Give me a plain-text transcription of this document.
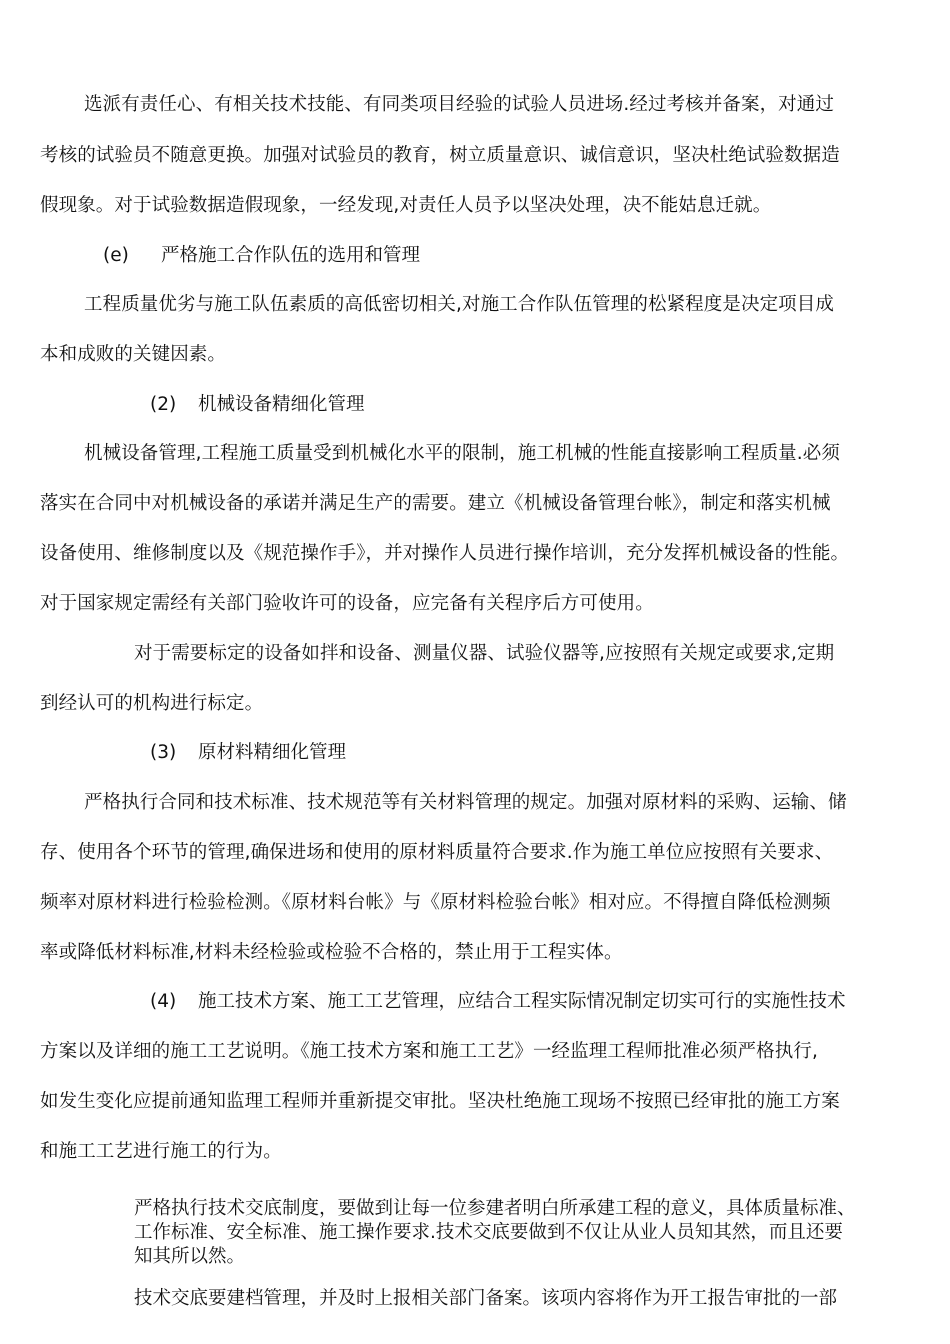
选派有责任心、有相关技术技能、有同类项目经验的试验人员进场.经过考核并备案，对通过
考核的试验员不随意更换。加强对试验员的教育，树立质量意识、诚信意识，坚决杜绝试验数据造
假现象。对于试验数据造假现象，一经发现,对责任人员予以坚决处理，决不能姑息迁就。
(e) 严格施工合作队伍的选用和管理
工程质量优劣与施工队伍素质的高低密切相关,对施工合作队伍管理的松紧程度是决定项目成
本和成败的关键因素。
(2) 机械设备精细化管理
机械设备管理,工程施工质量受到机械化水平的限制，施工机械的性能直接影响工程质量.必须
落实在合同中对机械设备的承诺并满足生产的需要。建立《机械设备管理台帐》，制定和落实机械
设备使用、维修制度以及《规范操作手》，并对操作人员进行操作培训，充分发挥机械设备的性能。
对于国家规定需经有关部门验收许可的设备，应完备有关程序后方可使用。
对于需要标定的设备如拌和设备、测量仪器、试验仪器等,应按照有关规定或要求,定期
到经认可的机构进行标定。
(3) 原材料精细化管理
严格执行合同和技术标准、技术规范等有关材料管理的规定。加强对原材料的采购、运输、储
存、使用各个环节的管理,确保进场和使用的原材料质量符合要求.作为施工单位应按照有关要求、
频率对原材料进行检验检测。《原材料台帐》与《原材料检验台帐》相对应。不得擅自降低检测频
率或降低材料标准,材料未经检验或检验不合格的，禁止用于工程实体。
(4) 施工技术方案、施工工艺管理，应结合工程实际情况制定切实可行的实施性技术
方案以及详细的施工工艺说明。《施工技术方案和施工工艺》一经监理工程师批准必须严格执行,
如发生变化应提前通知监理工程师并重新提交审批。坚决杜绝施工现场不按照已经审批的施工方案
和施工工艺进行施工的行为。
严格执行技术交底制度，要做到让每一位参建者明白所承建工程的意义，具体质量标准、
工作标准、安全标准、施工操作要求.技术交底要做到不仅让从业人员知其然，而且还要
知其所以然。
技术交底要建档管理，并及时上报相关部门备案。该项内容将作为开工报告审批的一部
